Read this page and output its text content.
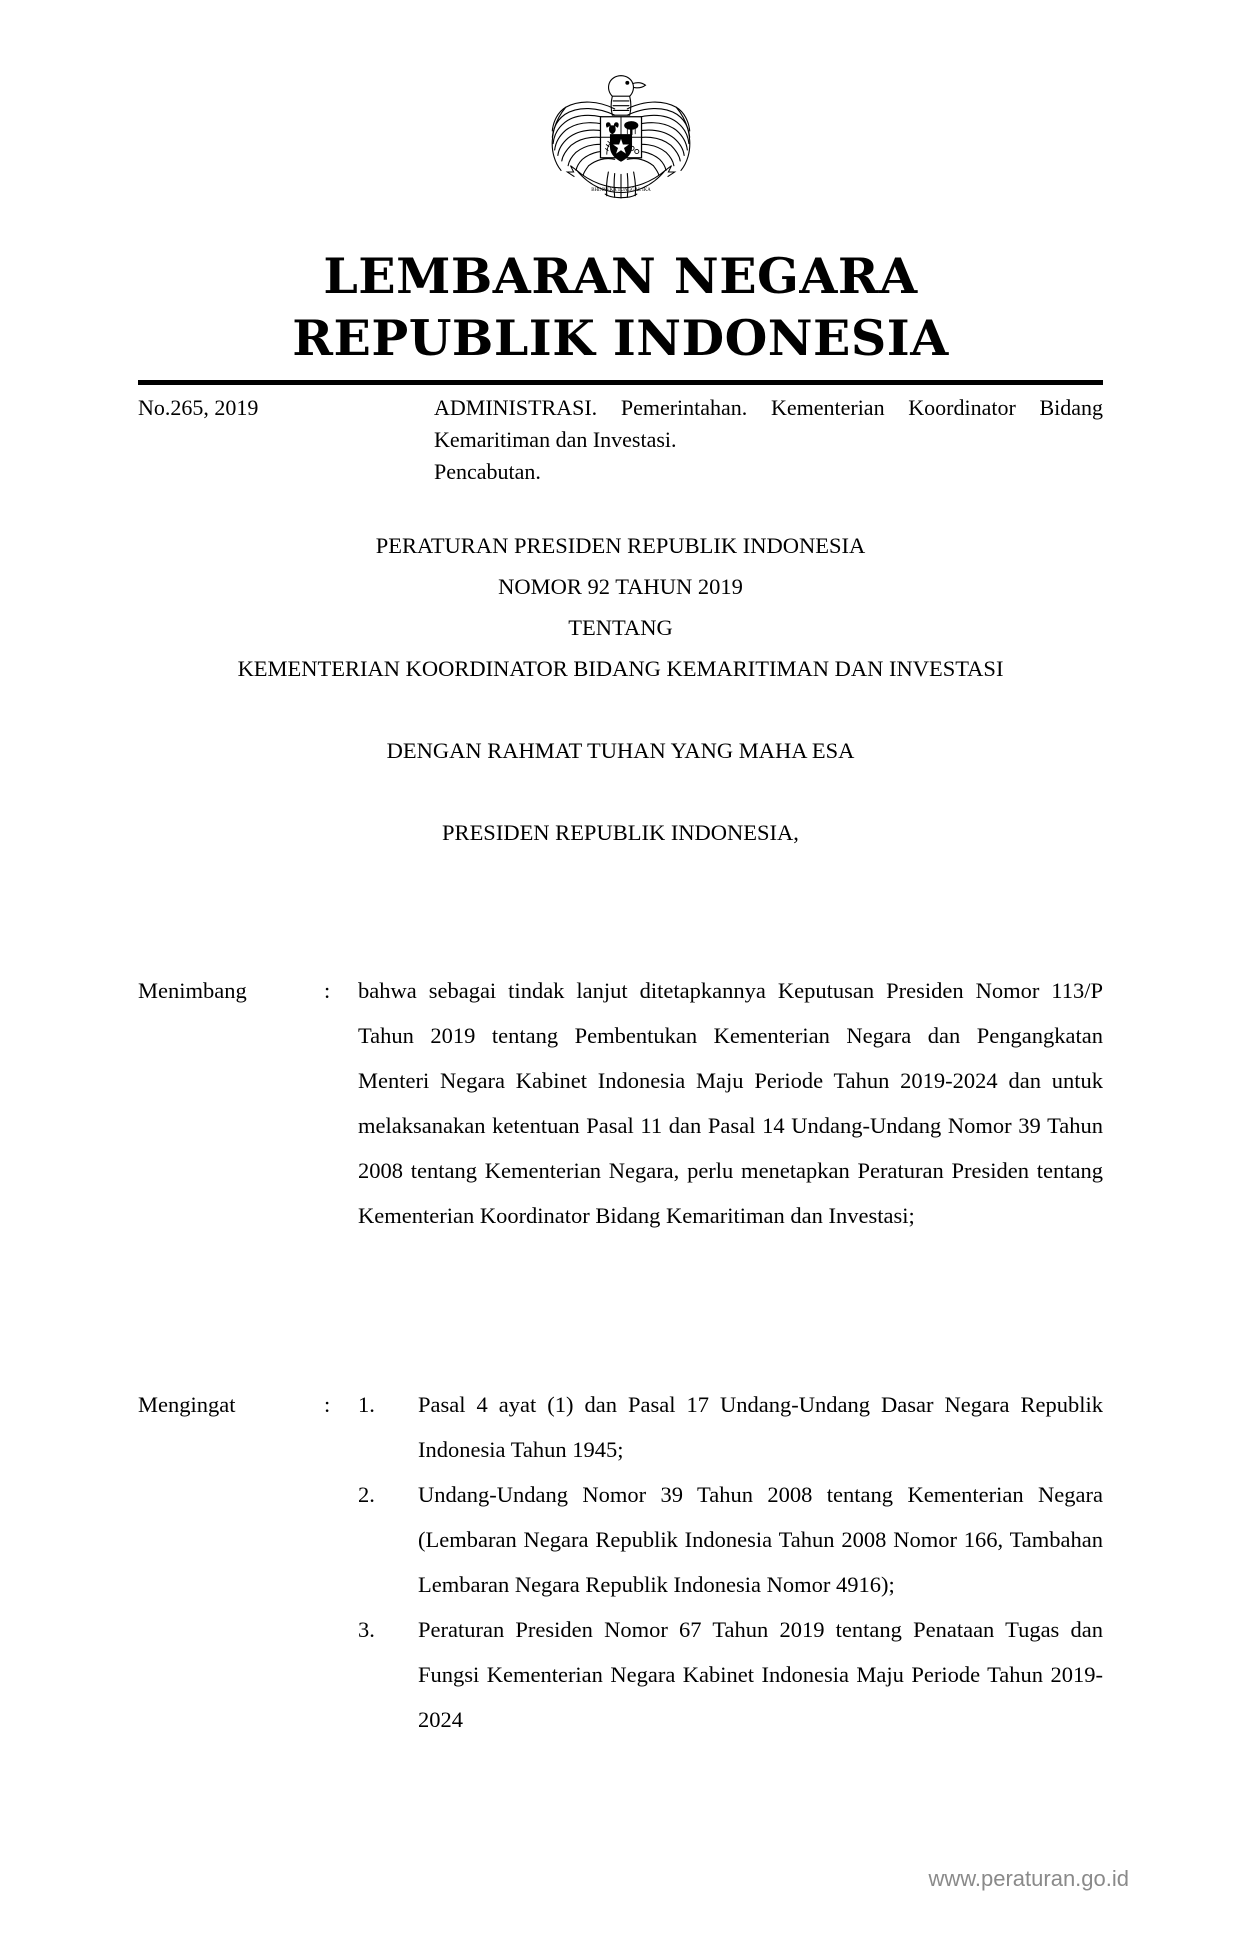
BHINNEKA TUNGGAL IKA
LEMBARAN NEGARA
REPUBLIK INDONESIA
No.265, 2019	ADMINISTRASI. Pemerintahan. Kementerian Koordinator Bidang Kemaritiman dan Investasi.
Pencabutan.
PERATURAN PRESIDEN REPUBLIK INDONESIA
NOMOR 92 TAHUN 2019
TENTANG
KEMENTERIAN KOORDINATOR BIDANG KEMARITIMAN DAN INVESTASI
DENGAN RAHMAT TUHAN YANG MAHA ESA
PRESIDEN REPUBLIK INDONESIA,
Menimbang	:	bahwa sebagai tindak lanjut ditetapkannya Keputusan Presiden Nomor 113/P Tahun 2019 tentang Pembentukan Kementerian Negara dan Pengangkatan Menteri Negara Kabinet Indonesia Maju Periode Tahun 2019-2024 dan untuk melaksanakan ketentuan Pasal 11 dan Pasal 14 Undang-Undang Nomor 39 Tahun 2008 tentang Kementerian Negara, perlu menetapkan Peraturan Presiden tentang Kementerian Koordinator Bidang Kemaritiman dan Investasi;

Mengingat	:	1.	Pasal 4 ayat (1) dan Pasal 17 Undang-Undang Dasar Negara Republik Indonesia Tahun 1945;
2.	Undang-Undang Nomor 39 Tahun 2008 tentang Kementerian Negara (Lembaran Negara Republik Indonesia Tahun 2008 Nomor 166, Tambahan Lembaran Negara Republik Indonesia Nomor 4916);
3.	Peraturan Presiden Nomor 67 Tahun 2019 tentang Penataan Tugas dan Fungsi Kementerian Negara Kabinet Indonesia Maju Periode Tahun 2019-2024
www.peraturan.go.id
